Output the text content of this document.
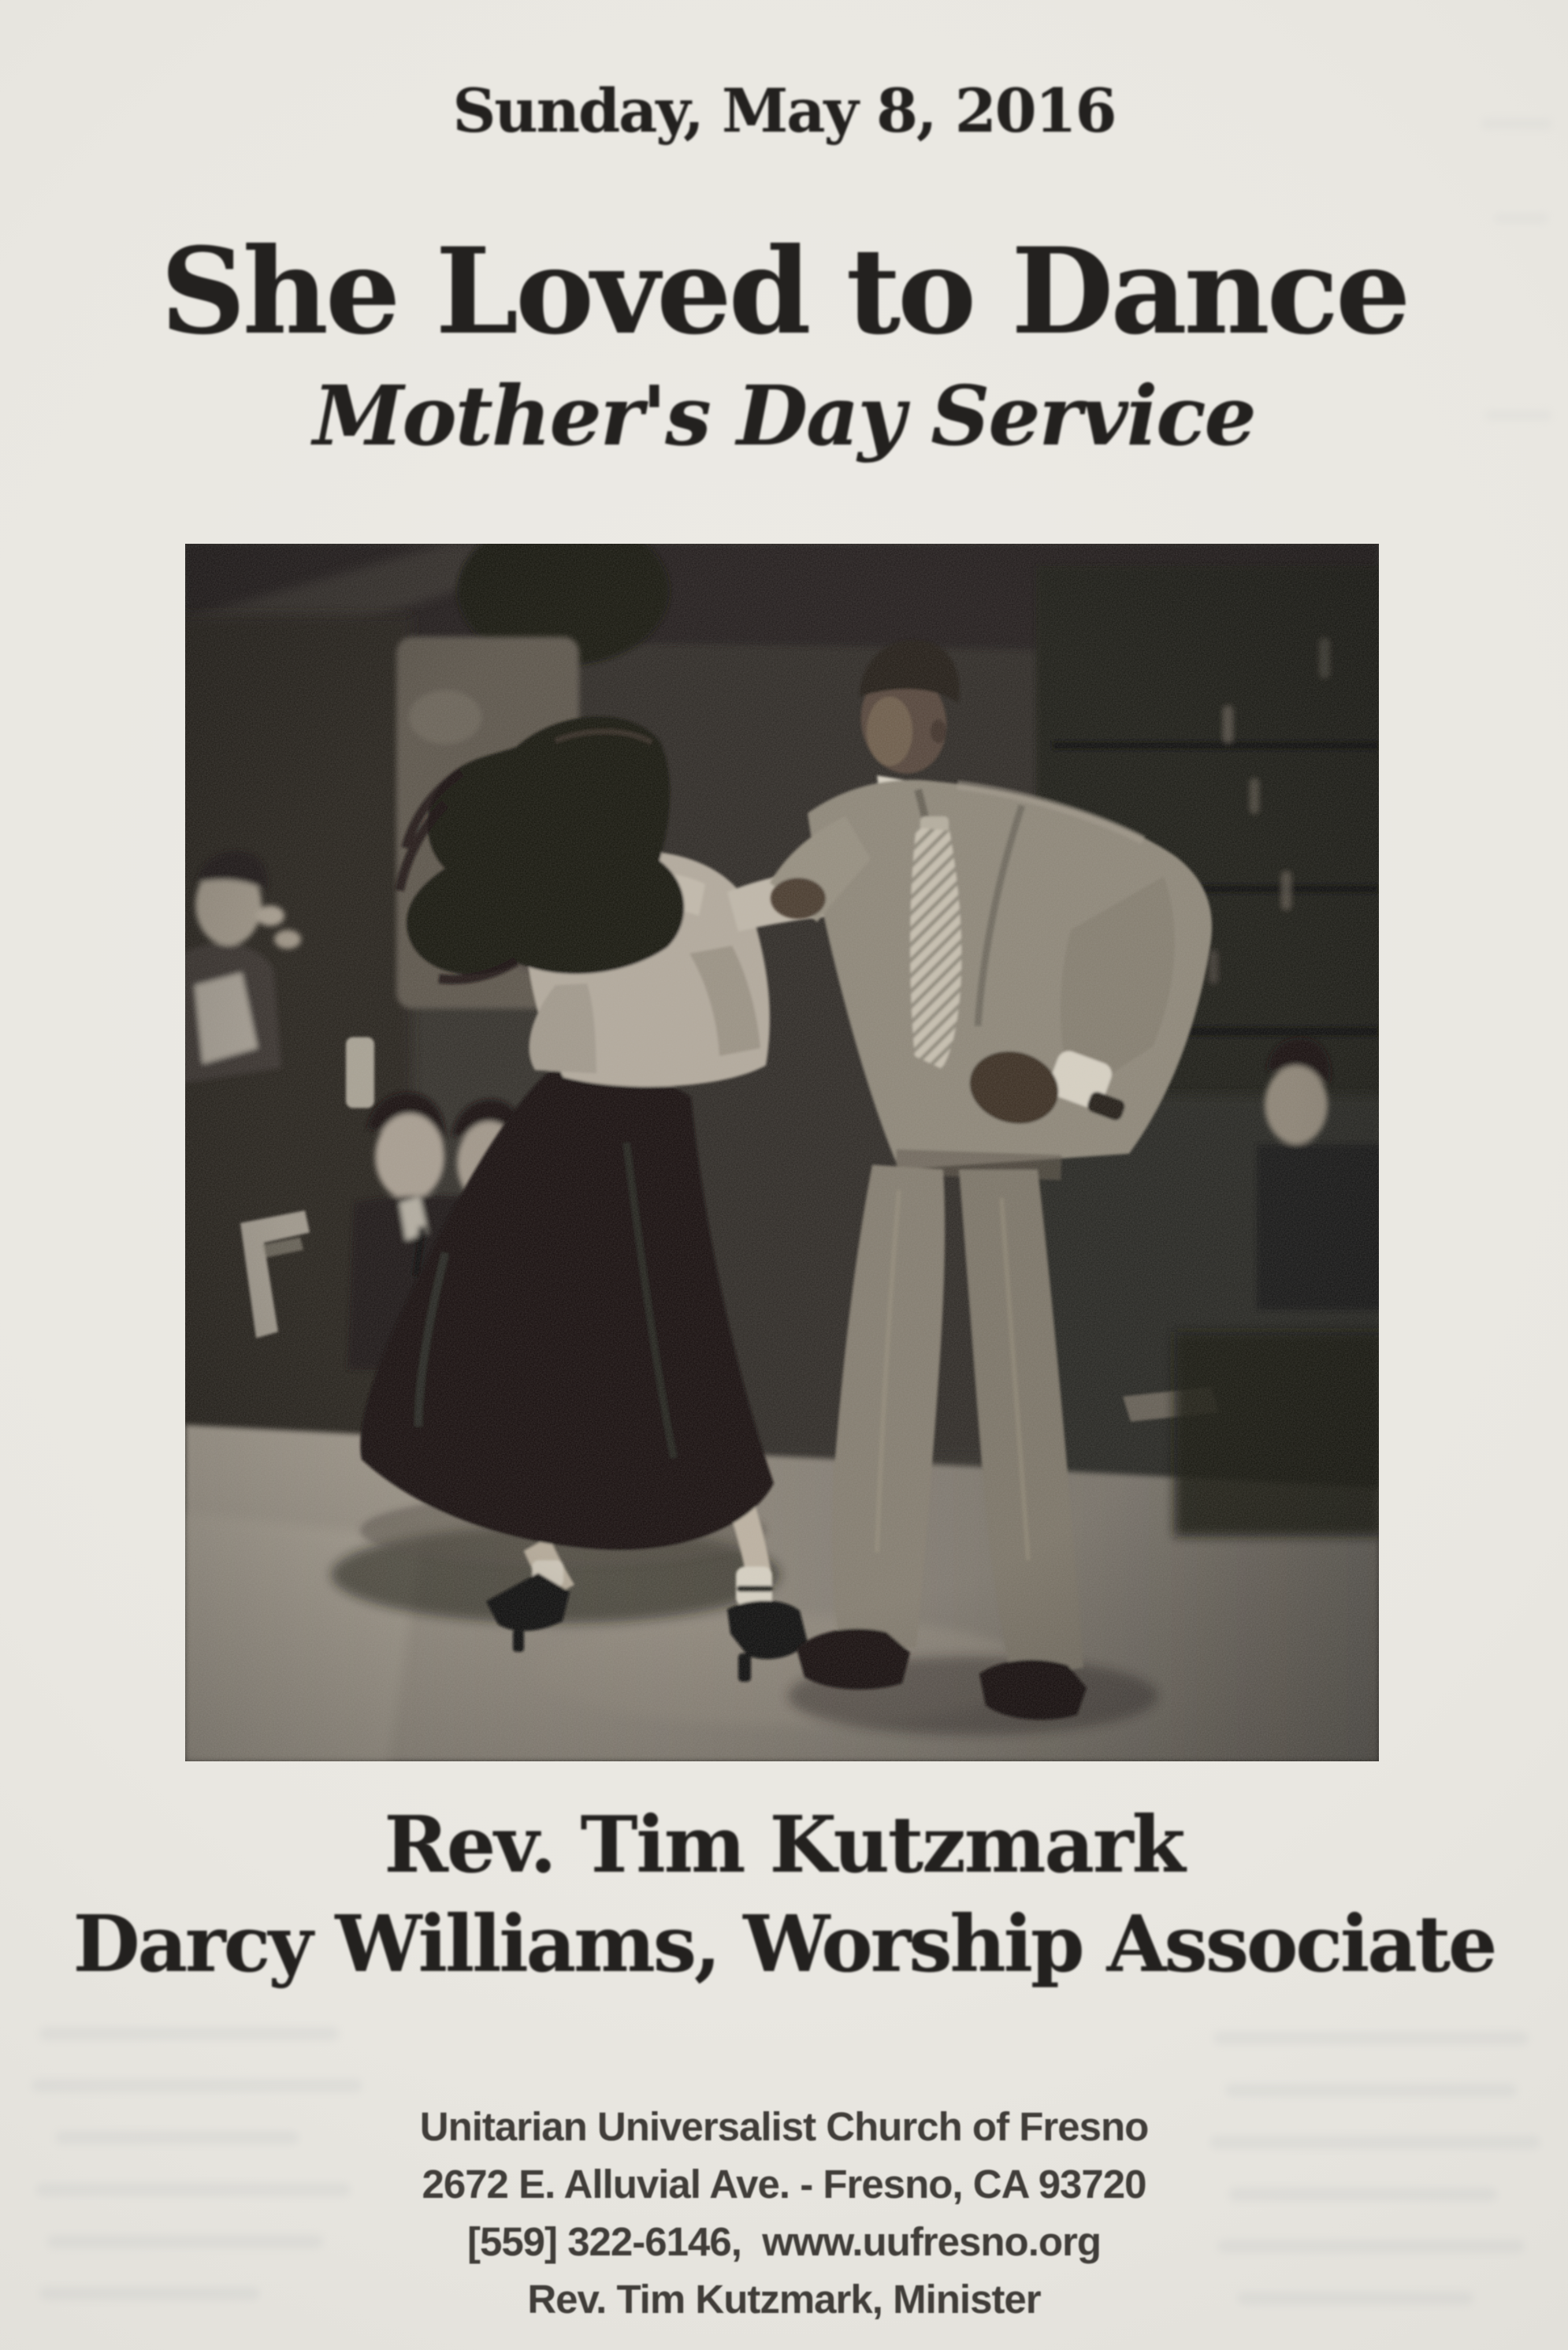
Sunday, May 8, 2016
She Loved to Dance
Mother's Day Service
Rev. Tim Kutzmark
Darcy Williams, Worship Associate
Unitarian Universalist Church of Fresno
2672 E. Alluvial Ave. - Fresno, CA 93720
[559] 322-6146,  www.uufresno.org
Rev. Tim Kutzmark, Minister
